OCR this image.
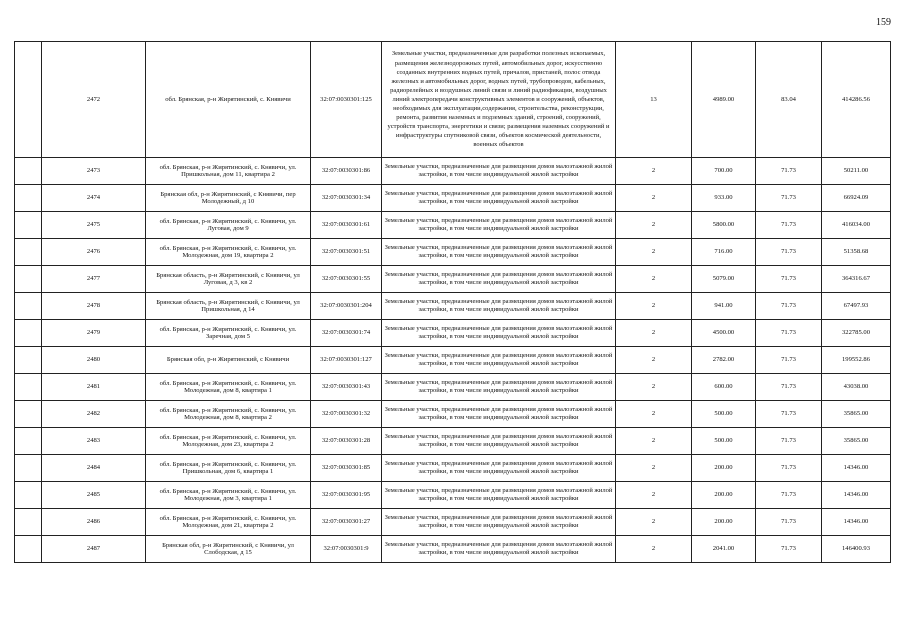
159
	2472	обл. Брянская, р-н Жирятинский, с. Княвичи	32:07:0030301:125	Земельные участки, предназначенные для разработки полезных ископаемых, размещения железнодорожных путей, автомобильных дорог, искусственно созданных внутренних водных путей, причалов, пристаней, полос отвода железных и автомобильных дорог, водных путей, трубопроводов, кабельных, радиорелейных и воздушных линий связи и линий радиофикации, воздушных линий электропередачи конструктивных элементов и сооружений, объектов, необходимых для эксплуатации,содержания, строительства, реконструкции, ремонта, развития наземных и подземных зданий, строений, сооружений, устройств транспорта, энергетики и связи; размещения наземных сооружений и инфраструктуры спутниковой связи, объектов космической деятельности, военных объектов	13	4989.00	83.04	414286.56
	2473	обл. Брянская, р-н Жирятинский, с. Княвичи, ул. Пришкольная, дом 11, квартира 2	32:07:0030301:86	Земельные участки, предназначенные для размещения домов малоэтажной жилой застройки, в том числе индивидуальной жилой застройки	2	700.00	71.73	50211.00
	2474	Брянская обл, р-н Жирятинский, с Княвичи, пер Молодежный, д 10	32:07:0030301:34	Земельные участки, предназначенные для размещения домов малоэтажной жилой застройки, в том числе индивидуальной жилой застройки	2	933.00	71.73	66924.09
	2475	обл. Брянская, р-н Жирятинский, с. Княвичи, ул. Луговая, дом 9	32:07:0030301:61	Земельные участки, предназначенные для размещения домов малоэтажной жилой застройки, в том числе индивидуальной жилой застройки	2	5800.00	71.73	416034.00
	2476	обл. Брянская, р-н Жирятинский, с. Княвичи, ул. Молодежная, дом 19, квартира 2	32:07:0030301:51	Земельные участки, предназначенные для размещения домов малоэтажной жилой застройки, в том числе индивидуальной жилой застройки	2	716.00	71.73	51358.68
	2477	Брянская область, р-н Жирятинский, с Княвичи, ул Луговая, д 3, кв 2	32:07:0030301:55	Земельные участки, предназначенные для размещения домов малоэтажной жилой застройки, в том числе индивидуальной жилой застройки	2	5079.00	71.73	364316.67
	2478	Брянская область, р-н Жирятинский, с Княвичи, ул Пришкольная, д 14	32:07:0030301:204	Земельные участки, предназначенные для размещения домов малоэтажной жилой застройки, в том числе индивидуальной жилой застройки	2	941.00	71.73	67497.93
	2479	обл. Брянская, р-н Жирятинский, с. Княвичи, ул. Заречная, дом 5	32:07:0030301:74	Земельные участки, предназначенные для размещения домов малоэтажной жилой застройки, в том числе индивидуальной жилой застройки	2	4500.00	71.73	322785.00
	2480	Брянская обл, р-н Жирятинский, с Княвичи	32:07:0030301:127	Земельные участки, предназначенные для размещения домов малоэтажной жилой застройки, в том числе индивидуальной жилой застройки	2	2782.00	71.73	199552.86
	2481	обл. Брянская, р-н Жирятинский, с. Княвичи, ул. Молодежная, дом 8, квартира 1	32:07:0030301:43	Земельные участки, предназначенные для размещения домов малоэтажной жилой застройки, в том числе индивидуальной жилой застройки	2	600.00	71.73	43038.00
	2482	обл. Брянская, р-н Жирятинский, с. Княвичи, ул. Молодежная, дом 8, квартира 2	32:07:0030301:32	Земельные участки, предназначенные для размещения домов малоэтажной жилой застройки, в том числе индивидуальной жилой застройки	2	500.00	71.73	35865.00
	2483	обл. Брянская, р-н Жирятинский, с. Княвичи, ул. Молодежная, дом 23, квартира 2	32:07:0030301:28	Земельные участки, предназначенные для размещения домов малоэтажной жилой застройки, в том числе индивидуальной жилой застройки	2	500.00	71.73	35865.00
	2484	обл. Брянская, р-н Жирятинский, с. Княвичи, ул. Пришкольная, дом 6, квартира 1	32:07:0030301:85	Земельные участки, предназначенные для размещения домов малоэтажной жилой застройки, в том числе индивидуальной жилой застройки	2	200.00	71.73	14346.00
	2485	обл. Брянская, р-н Жирятинский, с. Княвичи, ул. Молодежная, дом 3, квартира 1	32:07:0030301:95	Земельные участки, предназначенные для размещения домов малоэтажной жилой застройки, в том числе индивидуальной жилой застройки	2	200.00	71.73	14346.00
	2486	обл. Брянская, р-н Жирятинский, с. Княвичи, ул. Молодежная, дом 21, квартира 2	32:07:0030301:27	Земельные участки, предназначенные для размещения домов малоэтажной жилой застройки, в том числе индивидуальной жилой застройки	2	200.00	71.73	14346.00
	2487	Брянская обл, р-н Жирятинский, с Княвичи, ул Слободская, д 15	32:07:0030301:9	Земельные участки, предназначенные для размещения домов малоэтажной жилой застройки, в том числе индивидуальной жилой застройки	2	2041.00	71.73	146400.93
